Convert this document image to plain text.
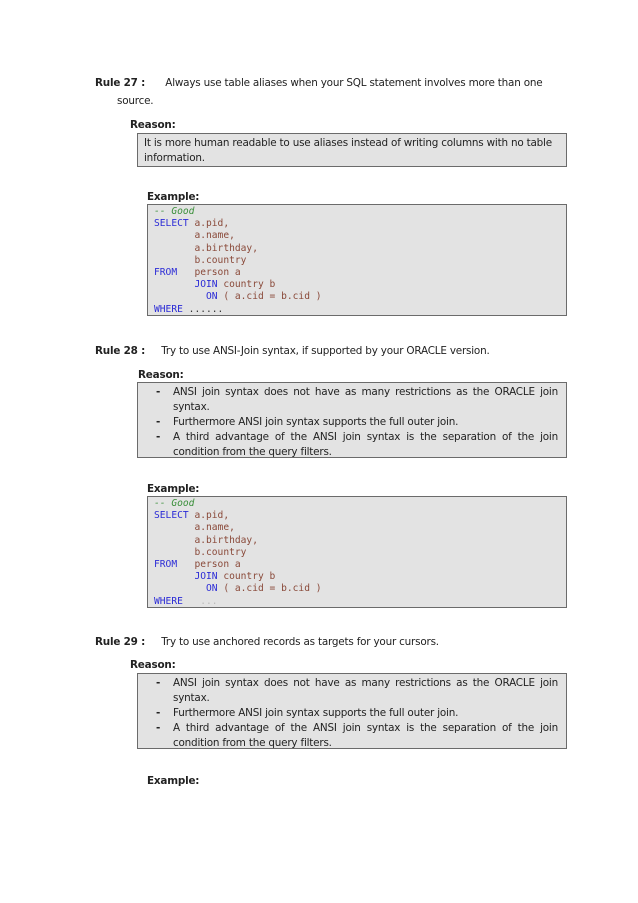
Rule 27 : Always use table aliases when your SQL statement involves more than one
source.
Reason:
It is more human readable to use aliases instead of writing columns with no table information.
Example:
-- Good
SELECT a.pid,
a.name,
a.birthday,
b.country
FROM person a
JOIN country b
ON ( a.cid = b.cid )
WHERE ......
Rule 28 : Try to use ANSI-Join syntax, if supported by your ORACLE version.
Reason:
- ANSI join syntax does not have as many restrictions as the ORACLE join syntax.
- Furthermore ANSI join syntax supports the full outer join.
- A third advantage of the ANSI join syntax is the separation of the join condition from the query filters.
Example:
-- Good
SELECT a.pid,
a.name,
a.birthday,
b.country
FROM person a
JOIN country b
ON ( a.cid = b.cid )
WHERE ...
Rule 29 : Try to use anchored records as targets for your cursors.
Reason:
- ANSI join syntax does not have as many restrictions as the ORACLE join syntax.
- Furthermore ANSI join syntax supports the full outer join.
- A third advantage of the ANSI join syntax is the separation of the join condition from the query filters.
Example:
